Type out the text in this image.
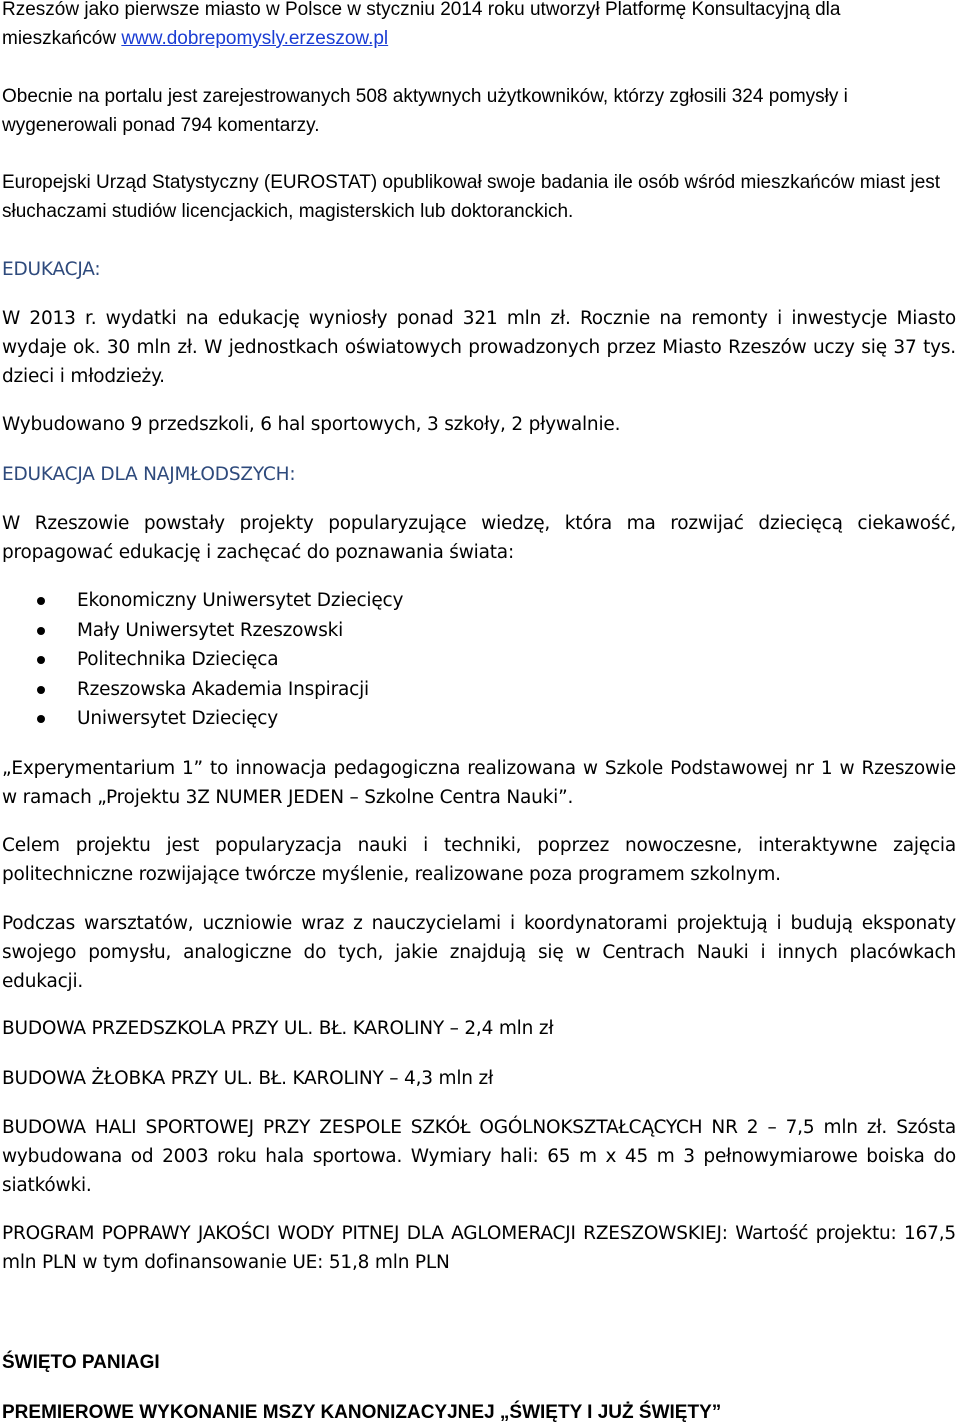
Rzeszów jako pierwsze miasto w Polsce w styczniu 2014 roku utworzył Platformę Konsultacyjną dla mieszkańców www.dobrepomysly.erzeszow.pl

Obecnie na portalu jest zarejestrowanych 508 aktywnych użytkowników, którzy zgłosili 324 pomysły i wygenerowali ponad 794 komentarzy.

Europejski Urząd Statystyczny (EUROSTAT) opublikował swoje badania ile osób wśród mieszkańców miast jest słuchaczami studiów licencjackich, magisterskich lub doktoranckich.

EDUKACJA:

W 2013 r. wydatki na edukację wyniosły ponad 321 mln zł. Rocznie na remonty i inwestycje Miasto wydaje ok. 30 mln zł. W jednostkach oświatowych prowadzonych przez Miasto Rzeszów uczy się 37 tys. dzieci i młodzieży.

Wybudowano 9 przedszkoli, 6 hal sportowych, 3 szkoły, 2 pływalnie.

EDUKACJA DLA NAJMŁODSZYCH:

W Rzeszowie powstały projekty popularyzujące wiedzę, która ma rozwijać dziecięcą ciekawość, propagować edukację i zachęcać do poznawania świata:

Ekonomiczny Uniwersytet Dziecięcy
Mały Uniwersytet Rzeszowski
Politechnika Dziecięca
Rzeszowska Akademia Inspiracji
Uniwersytet Dziecięcy

„Experymentarium 1” to innowacja pedagogiczna realizowana w Szkole Podstawowej nr 1 w Rzeszowie w ramach „Projektu 3Z NUMER JEDEN – Szkolne Centra Nauki”.

Celem projektu jest popularyzacja nauki i techniki, poprzez nowoczesne, interaktywne zajęcia politechniczne rozwijające twórcze myślenie, realizowane poza programem szkolnym.

Podczas warsztatów, uczniowie wraz z nauczycielami i koordynatorami projektują i budują eksponaty swojego pomysłu, analogiczne do tych, jakie znajdują się w Centrach Nauki i innych placówkach edukacji.

BUDOWA PRZEDSZKOLA PRZY UL. BŁ. KAROLINY – 2,4 mln zł

BUDOWA ŻŁOBKA PRZY UL. BŁ. KAROLINY – 4,3 mln zł

BUDOWA HALI SPORTOWEJ PRZY ZESPOLE SZKÓŁ OGÓLNOKSZTAŁCĄCYCH NR 2 – 7,5 mln zł. Szósta wybudowana od 2003 roku hala sportowa. Wymiary hali: 65 m x 45 m 3 pełnowymiarowe boiska do siatkówki.

PROGRAM POPRAWY JAKOŚCI WODY PITNEJ DLA AGLOMERACJI RZESZOWSKIEJ: Wartość projektu: 167,5 mln PLN w tym dofinansowanie UE: 51,8 mln PLN

ŚWIĘTO PANIAGI

PREMIEROWE WYKONANIE MSZY KANONIZACYJNEJ „ŚWIĘTY I JUŻ ŚWIĘTY”
